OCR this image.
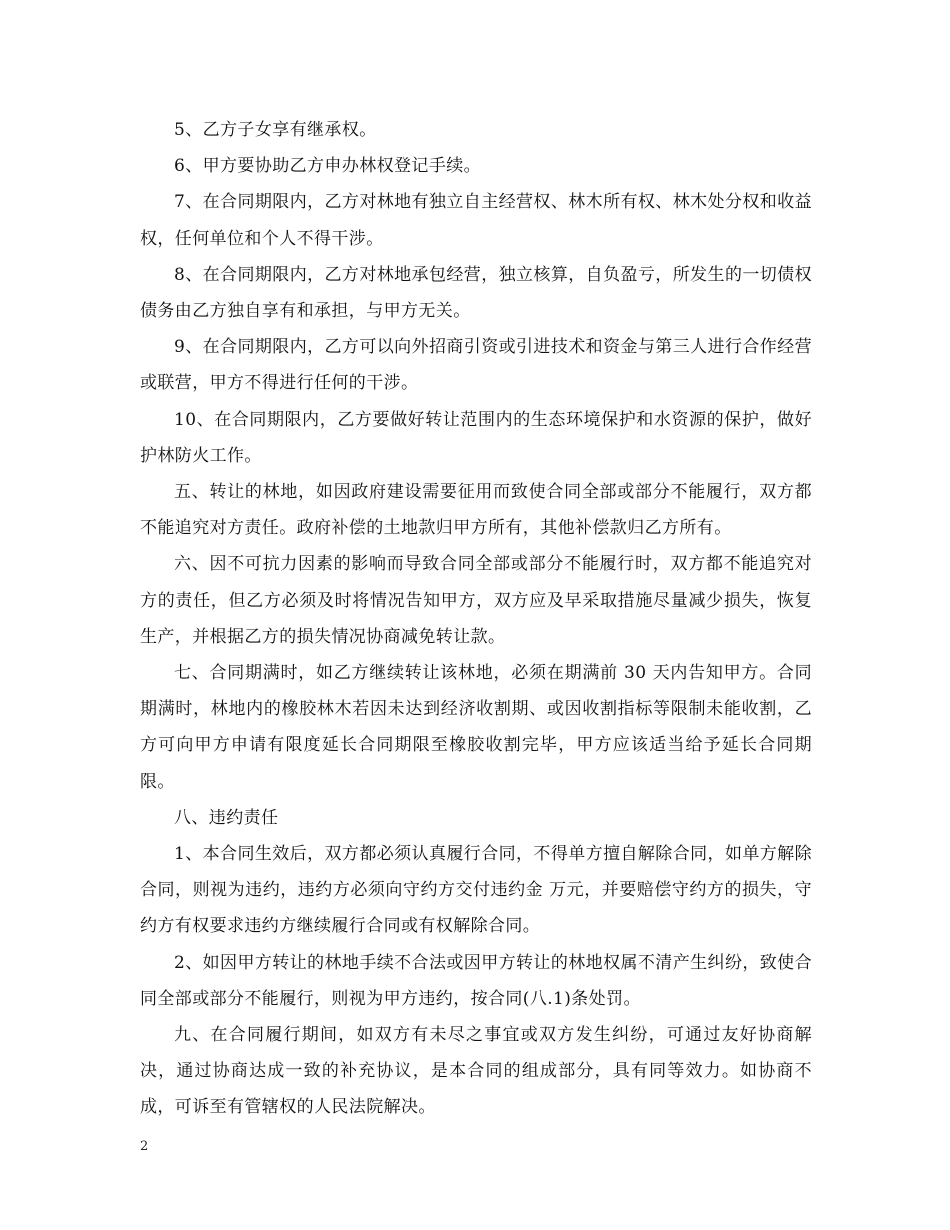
5、乙方子女享有继承权。

6、甲方要协助乙方申办林权登记手续。

7、在合同期限内，乙方对林地有独立自主经营权、林木所有权、林木处分权和收益权，任何单位和个人不得干涉。

8、在合同期限内，乙方对林地承包经营，独立核算，自负盈亏，所发生的一切债权债务由乙方独自享有和承担，与甲方无关。

9、在合同期限内，乙方可以向外招商引资或引进技术和资金与第三人进行合作经营或联营，甲方不得进行任何的干涉。

10、在合同期限内，乙方要做好转让范围内的生态环境保护和水资源的保护，做好护林防火工作。

五、转让的林地，如因政府建设需要征用而致使合同全部或部分不能履行，双方都不能追究对方责任。政府补偿的土地款归甲方所有，其他补偿款归乙方所有。

六、因不可抗力因素的影响而导致合同全部或部分不能履行时，双方都不能追究对方的责任，但乙方必须及时将情况告知甲方，双方应及早采取措施尽量减少损失，恢复生产，并根据乙方的损失情况协商减免转让款。

七、合同期满时，如乙方继续转让该林地，必须在期满前 30 天内告知甲方。合同期满时，林地内的橡胶林木若因未达到经济收割期、或因收割指标等限制未能收割，乙方可向甲方申请有限度延长合同期限至橡胶收割完毕，甲方应该适当给予延长合同期限。

八、违约责任

1、本合同生效后，双方都必须认真履行合同，不得单方擅自解除合同，如单方解除合同，则视为违约，违约方必须向守约方交付违约金 万元，并要赔偿守约方的损失，守约方有权要求违约方继续履行合同或有权解除合同。

2、如因甲方转让的林地手续不合法或因甲方转让的林地权属不清产生纠纷，致使合同全部或部分不能履行，则视为甲方违约，按合同(八.1)条处罚。

九、在合同履行期间，如双方有未尽之事宜或双方发生纠纷，可通过友好协商解决，通过协商达成一致的补充协议，是本合同的组成部分，具有同等效力。如协商不成，可诉至有管辖权的人民法院解决。

2
